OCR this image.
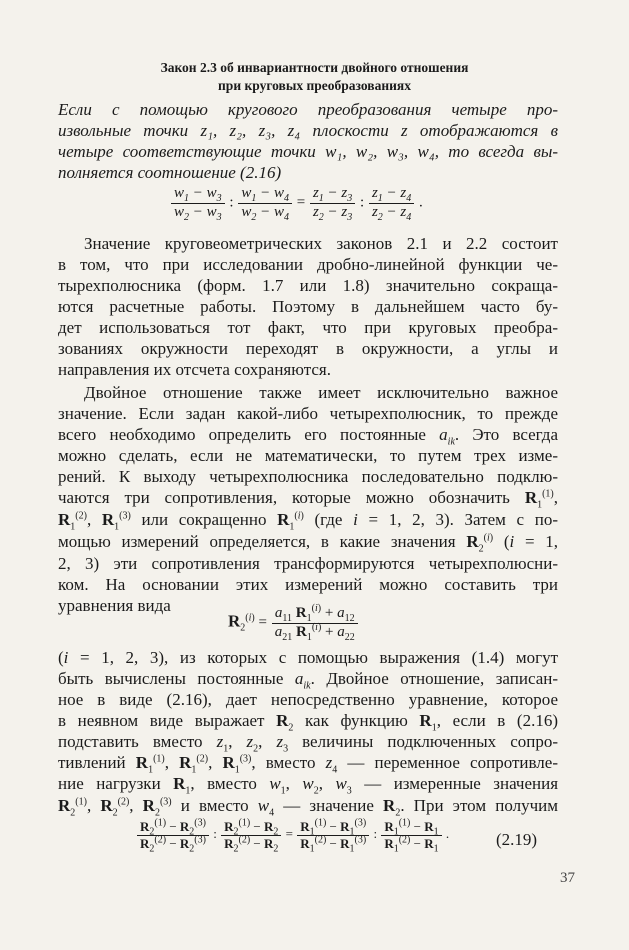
Закон 2.3 об инвариантности двойного отношения
при круговых преобразованиях
Если с помощью кругового преобразования четыре про-
извольные точки z₁, z₂, z₃, z₄ плоскости z отображаются в
четыре соответствующие точки w₁, w₂, w₃, w₄, то всегда вы-
полняется соотношение (2.16)
$\frac{w_1 - w_3}{w_2 - w_3}$ : $\frac{w_1 - w_4}{w_2 - w_4} = \frac{z_1 - z_3}{z_2 - z_3}$ : $\frac{z_1 - z_4}{z_2 - z_4}$ .
Значение круговеометрических законов 2.1 и 2.2 состоит
в том, что при исследовании дробно-линейной функции че-
тырехполюсника (форм. 1.7 или 1.8) значительно сокраща-
ются расчетные работы. Поэтому в дальнейшем часто бу-
дет использоваться тот факт, что при круговых преобра-
зованиях окружности переходят в окружности, а углы и
направления их отсчета сохраняются.
Двойное отношение также имеет исключительно важное
значение. Если задан какой-либо четырехполюсник, то прежде
всего необходимо определить его постоянные $a_{ik}$. Это всегда
можно сделать, если не математически, то путем трех изме-
рений. К выходу четырехполюсника последовательно подклю-
чаются три сопротивления, которые можно обозначить $R_1^{(1)}$,
$R_1^{(2)}$, $R_1^{(3)}$ или сокращенно $R_1^{(i)}$ (где i = 1, 2, 3). Затем с по-
мощью измерений определяется, в какие значения $R_2^{(i)}$ (i = 1,
2, 3) эти сопротивления трансформируются четырехполюсни-
ком. На основании этих измерений можно составить три
уравнения вида
$R_2^{(i)} = \frac{a_{11} R_1^{(i)} + a_{12}}{a_{21} R_1^{(i)} + a_{22}}$
(i = 1, 2, 3), из которых с помощью выражения (1.4) могут
быть вычислены постоянные $a_{ik}$. Двойное отношение, записан-
ное в виде (2.16), дает непосредственно уравнение, которое
в неявном виде выражает $R_2$ как функцию $R_1$, если в (2.16)
подставить вместо $z_1$, $z_2$, $z_3$ величины подключенных сопро-
тивлений $R_1^{(1)}$, $R_1^{(2)}$, $R_1^{(3)}$, вместо $z_4$ — переменное сопротивле-
ние нагрузки $R_1$, вместо $w_1$, $w_2$, $w_3$ — измеренные значения
$R_2^{(1)}$, $R_2^{(2)}$, $R_2^{(3)}$ и вместо $w_4$ — значение $R_2$. При этом получим
$\frac{R_2^{(1)} - R_2^{(3)}}{R_2^{(2)} - R_2^{(3)}}$ : $\frac{R_2^{(1)} - R_2}{R_2^{(2)} - R_2} = \frac{R_1^{(1)} - R_1^{(3)}}{R_1^{(2)} - R_1^{(3)}}$ : $\frac{R_1^{(1)} - R_1}{R_1^{(2)} - R_1}$ .	(2.19)
37
